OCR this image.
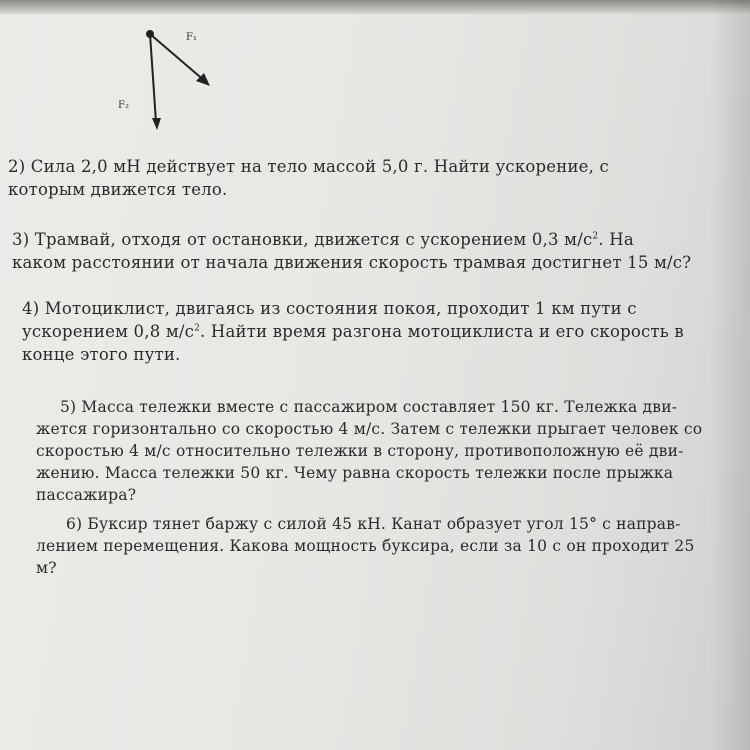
F₁
F₂
2) Сила 2,0 мН действует на тело массой 5,0 г. Найти ускорение, с
которым движется тело.
3) Трамвай, отходя от остановки, движется с ускорением 0,3 $м/с^2$. На
каком расстоянии от начала движения скорость трамвая достигнет 15 м/с?
4) Мотоциклист, двигаясь из состояния покоя, проходит 1 км пути с
ускорением 0,8 $м/с^2$. Найти время разгона мотоциклиста и его скорость в
конце этого пути.
5) Масса тележки вместе с пассажиром составляет 150 кг. Тележка дви-
жется горизонтально со скоростью 4 м/с. Затем с тележки прыгает человек со
скоростью 4 м/с относительно тележки в сторону, противоположную её дви-
жению. Масса тележки 50 кг. Чему равна скорость тележки после прыжка
пассажира?
6) Буксир тянет баржу с силой 45 кН. Канат образует угол 15° с направ-
лением перемещения. Какова мощность буксира, если за 10 с он проходит 25
м?
